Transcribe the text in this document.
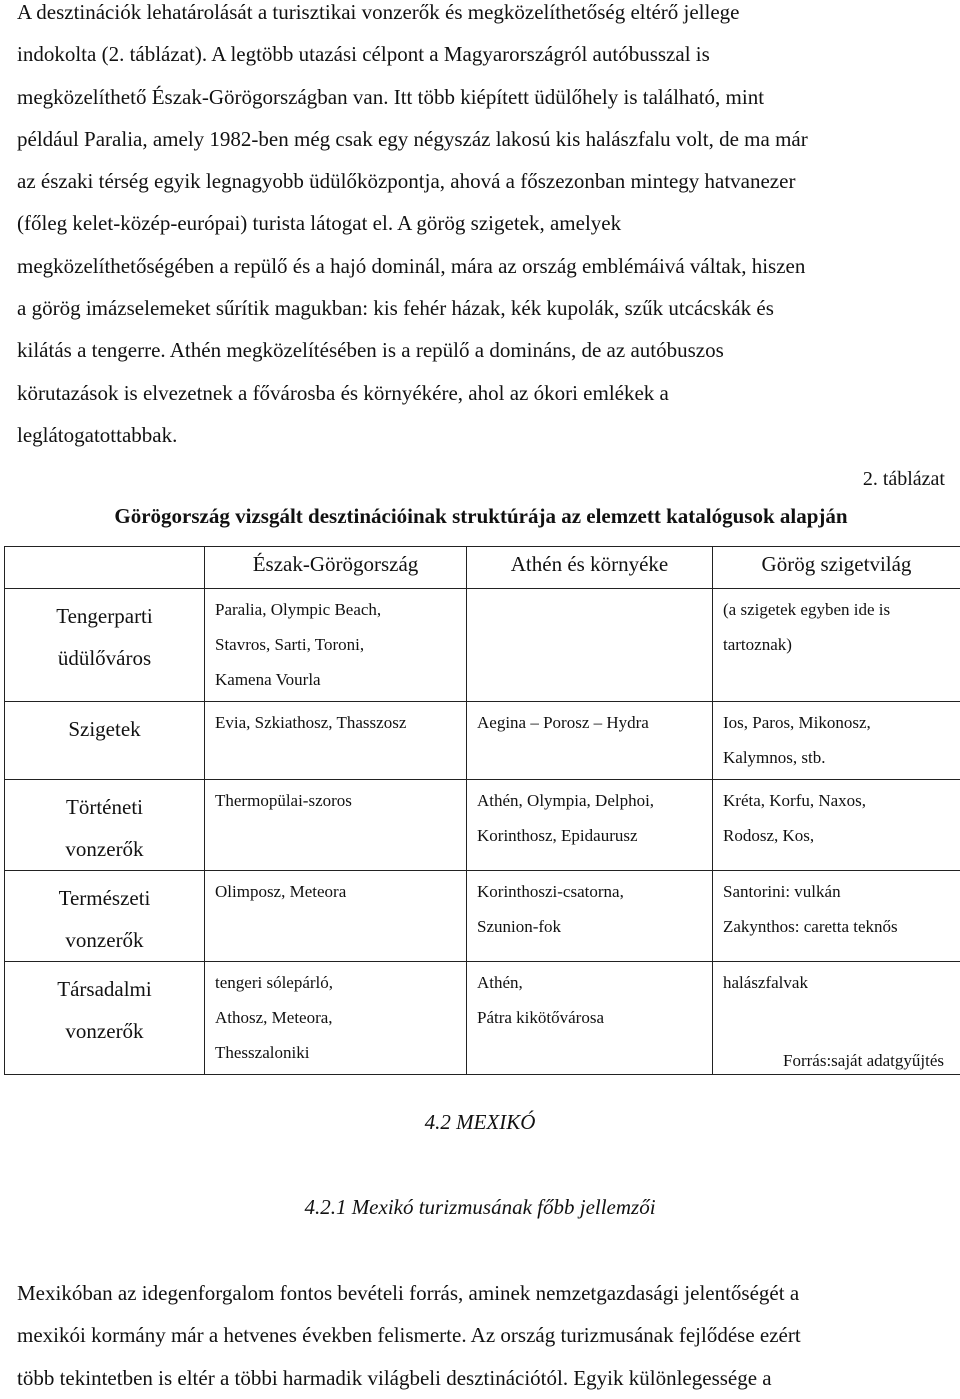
A desztinációk lehatárolását a turisztikai vonzerők és megközelíthetőség eltérő jellege
indokolta (2. táblázat). A legtöbb utazási célpont a Magyarországról autóbusszal is
megközelíthető Észak-Görögországban van. Itt több kiépített üdülőhely is található, mint
például Paralia, amely 1982-ben még csak egy négyszáz lakosú kis halászfalu volt, de ma már
az északi térség egyik legnagyobb üdülőközpontja, ahová a főszezonban mintegy hatvanezer
(főleg kelet-közép-európai) turista látogat el. A görög szigetek, amelyek
megközelíthetőségében a repülő és a hajó dominál, mára az ország emblémáivá váltak, hiszen
a görög imázselemeket sűrítik magukban: kis fehér házak, kék kupolák, szűk utcácskák és
kilátás a tengerre. Athén megközelítésében is a repülő a domináns, de az autóbuszos
körutazások is elvezetnek a fővárosba és környékére, ahol az ókori emlékek a
leglátogatottabbak.
2. táblázat
Görögország vizsgált desztinációinak struktúrája az elemzett katalógusok alapján
	Észak-Görögország	Athén és környéke	Görög szigetvilág

Tengerparti
üdülőváros	Paralia, Olympic Beach,
Stavros, Sarti, Toroni,
Kamena Vourla		(a szigetek egyben ide is
tartoznak)

Szigetek	Evia, Szkiathosz, Thasszosz	Aegina – Porosz – Hydra	Ios, Paros, Mikonosz,
Kalymnos, stb.

Történeti
vonzerők	Thermopülai-szoros	Athén, Olympia, Delphoi,
Korinthosz, Epidaurusz	Kréta, Korfu, Naxos,
Rodosz, Kos,

Természeti
vonzerők	Olimposz, Meteora	Korinthoszi-csatorna,
Szunion-fok	Santorini: vulkán
Zakynthos: caretta teknős

Társadalmi
vonzerők	tengeri sólepárló,
Athosz, Meteora,
Thesszaloniki	Athén,
Pátra kikötővárosa	halászfalvak
Forrás:saját adatgyűjtés
4.2 MEXIKÓ
4.2.1 Mexikó turizmusának főbb jellemzői
Mexikóban az idegenforgalom fontos bevételi forrás, aminek nemzetgazdasági jelentőségét a
mexikói kormány már a hetvenes években felismerte. Az ország turizmusának fejlődése ezért
több tekintetben is eltér a többi harmadik világbeli desztinációtól. Egyik különlegessége a
